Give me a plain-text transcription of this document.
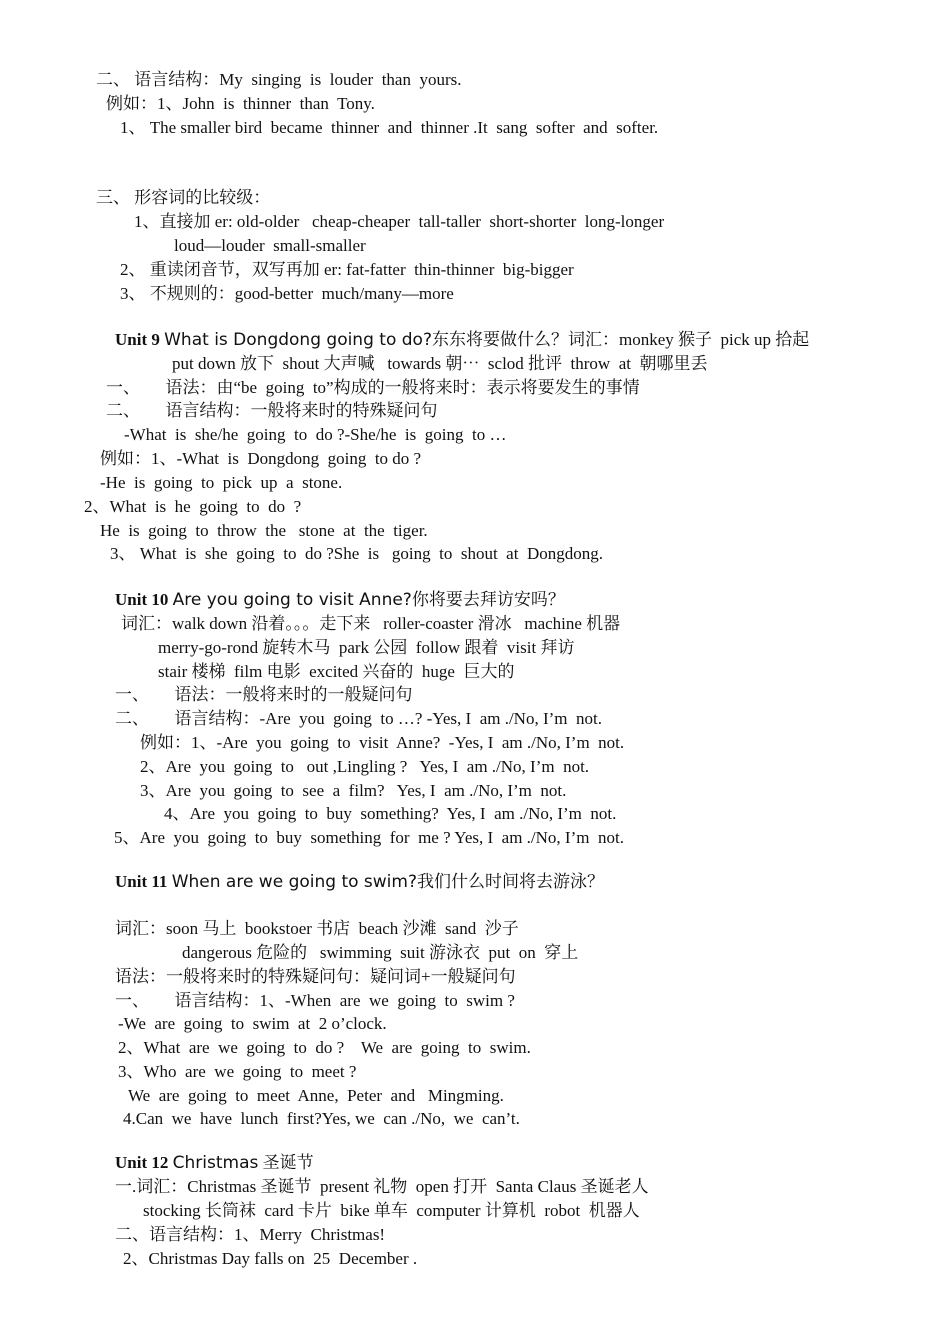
二、 语言结构：My  singing  is  louder  than  yours.
例如：1、John  is  thinner  than  Tony.
1、 The smaller bird  became  thinner  and  thinner .It  sang  softer  and  softer.
三、 形容词的比较级：
1、直接加 er: old-older   cheap-cheaper  tall-taller  short-shorter  long-longer
loud—louder  small-smaller
2、 重读闭音节，双写再加 er: fat-fatter  thin-thinner  big-bigger
3、 不规则的：good-better  much/many—more
Unit 9 What is Dongdong going to do?东东将要做什么？词汇：monkey 猴子  pick up 拾起
put down 放下  shout 大声喊   towards 朝⋯  sclod 批评  throw  at  朝哪里丢
一、      语法：由“be  going  to”构成的一般将来时：表示将要发生的事情
二、      语言结构：一般将来时的特殊疑问句
-What  is  she/he  going  to  do ?-She/he  is  going  to …
例如：1、-What  is  Dongdong  going  to do ?
-He  is  going  to  pick  up  a  stone.
2、What  is  he  going  to  do  ?
He  is  going  to  throw  the   stone  at  the  tiger.
3、 What  is  she  going  to  do ?She  is   going  to  shout  at  Dongdong.
Unit 10 Are you going to visit Anne?你将要去拜访安吗？
词汇：walk down 沿着。。。走下来   roller-coaster 滑冰   machine 机器
merry-go-rond 旋转木马  park 公园  follow 跟着  visit 拜访
stair 楼梯  film 电影  excited 兴奋的  huge  巨大的
一、      语法：一般将来时的一般疑问句
二、      语言结构：-Are  you  going  to …? -Yes, I  am ./No, I’m  not.
例如：1、-Are  you  going  to  visit  Anne?  -Yes, I  am ./No, I’m  not.
2、Are  you  going  to   out ,Lingling ?   Yes, I  am ./No, I’m  not.
3、Are  you  going  to  see  a  film?   Yes, I  am ./No, I’m  not.
4、Are  you  going  to  buy  something?  Yes, I  am ./No, I’m  not.
5、Are  you  going  to  buy  something  for  me ? Yes, I  am ./No, I’m  not.
Unit 11 When are we going to swim?我们什么时间将去游泳？
词汇：soon 马上  bookstoer 书店  beach 沙滩  sand  沙子
dangerous 危险的   swimming  suit 游泳衣  put  on  穿上
语法：一般将来时的特殊疑问句：疑问词+一般疑问句
一、      语言结构：1、-When  are  we  going  to  swim ?
-We  are  going  to  swim  at  2 o’clock.
2、What  are  we  going  to  do ?    We  are  going  to  swim.
3、Who  are  we  going  to  meet ?
We  are  going  to  meet  Anne,  Peter  and   Mingming.
4.Can  we  have  lunch  first?Yes, we  can ./No,  we  can’t.
Unit 12 Christmas 圣诞节
一.词汇：Christmas 圣诞节  present 礼物  open 打开  Santa Claus 圣诞老人
stocking 长筒袜  card 卡片  bike 单车  computer 计算机  robot  机器人
二、语言结构：1、Merry  Christmas!
2、Christmas Day falls on  25  December .
